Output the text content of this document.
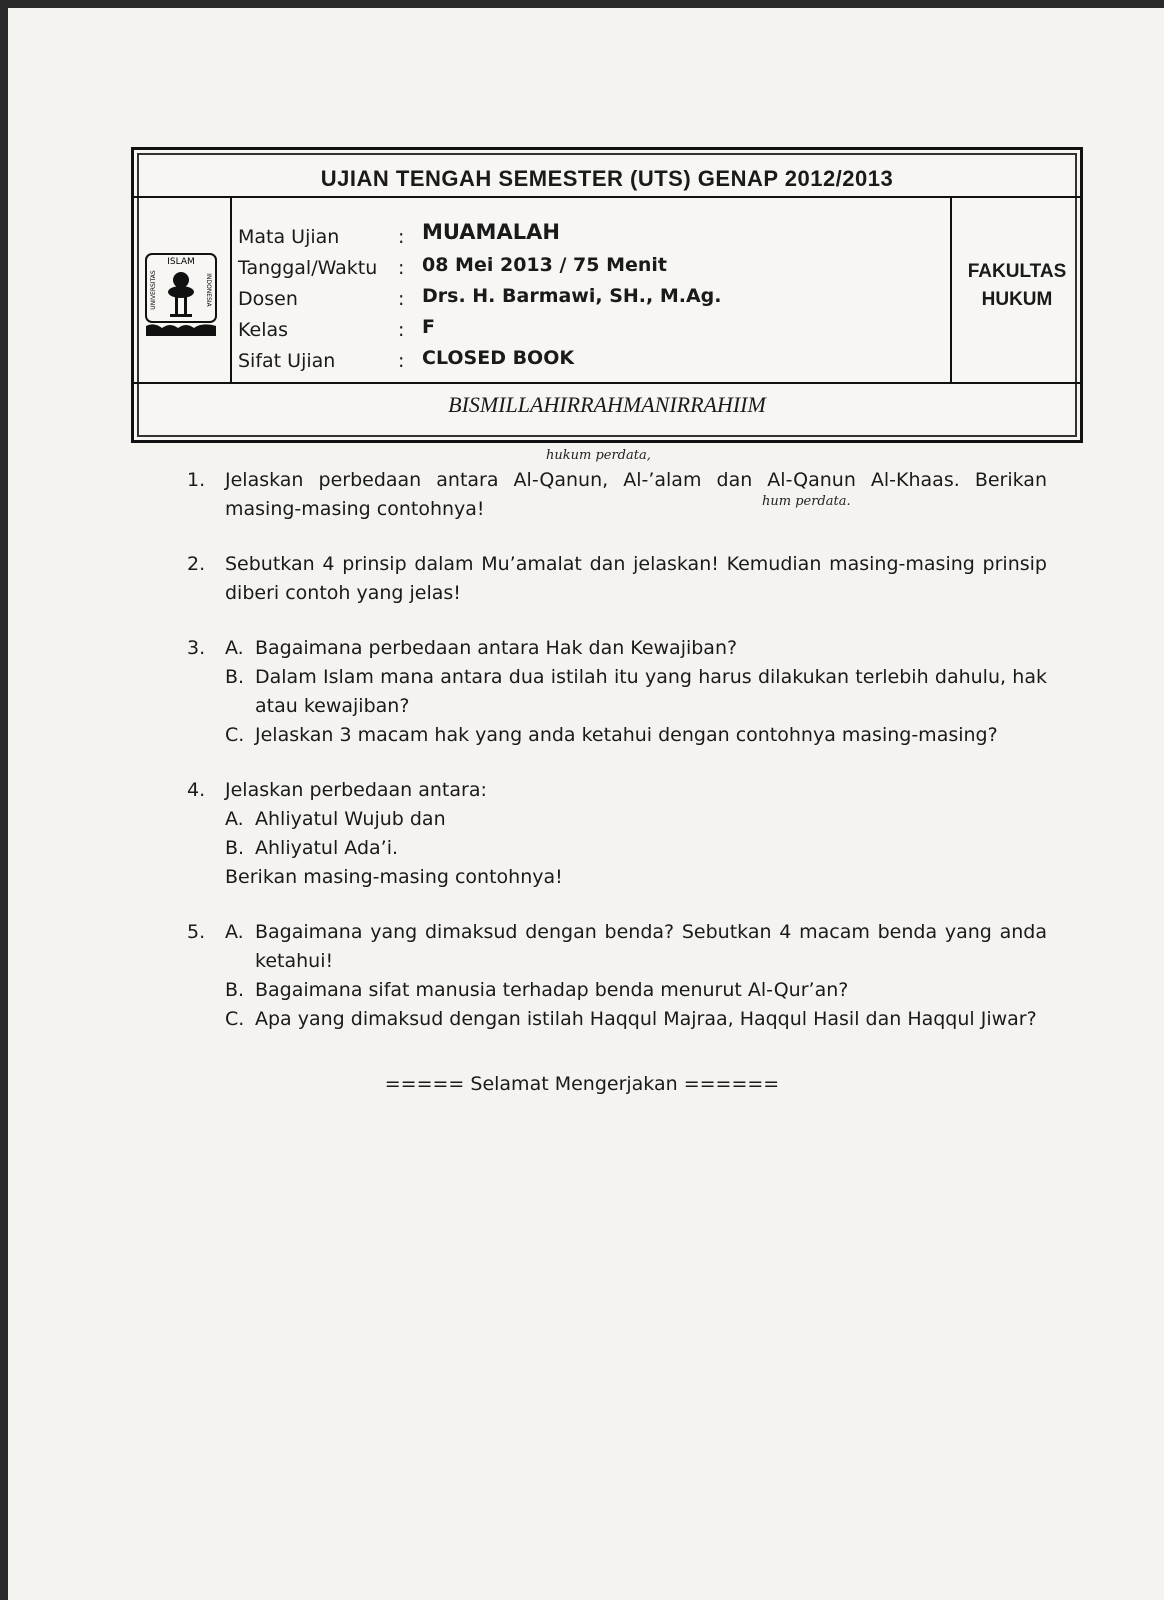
UJIAN TENGAH SEMESTER (UTS) GENAP 2012/2013
ISLAM
UNIVERSITAS	INDONESIA
Mata Ujian	: MUAMALAH
Tanggal/Waktu	: 08 Mei 2013 / 75 Menit
Dosen	: Drs. H. Barmawi, SH., M.Ag.
Kelas	: F
Sifat Ujian	: CLOSED BOOK
FAKULTAS
HUKUM
BISMILLAHIRRAHMANIRRAHIIM
hukum perdata,
hum perdata.
1. Jelaskan perbedaan antara Al-Qanun, Al-’alam dan Al-Qanun Al-Khaas. Berikan masing-masing contohnya!
2. Sebutkan 4 prinsip dalam Mu’amalat dan jelaskan! Kemudian masing-masing prinsip diberi contoh yang jelas!
3. A. Bagaimana perbedaan antara Hak dan Kewajiban?
B. Dalam Islam mana antara dua istilah itu yang harus dilakukan terlebih dahulu, hak atau kewajiban?
C. Jelaskan 3 macam hak yang anda ketahui dengan contohnya masing-masing?
4. Jelaskan perbedaan antara:
A. Ahliyatul Wujub dan
B. Ahliyatul Ada’i.
Berikan masing-masing contohnya!
5. A. Bagaimana yang dimaksud dengan benda? Sebutkan 4 macam benda yang anda ketahui!
B. Bagaimana sifat manusia terhadap benda menurut Al-Qur’an?
C. Apa yang dimaksud dengan istilah Haqqul Majraa, Haqqul Hasil dan Haqqul Jiwar?
===== Selamat Mengerjakan ======
